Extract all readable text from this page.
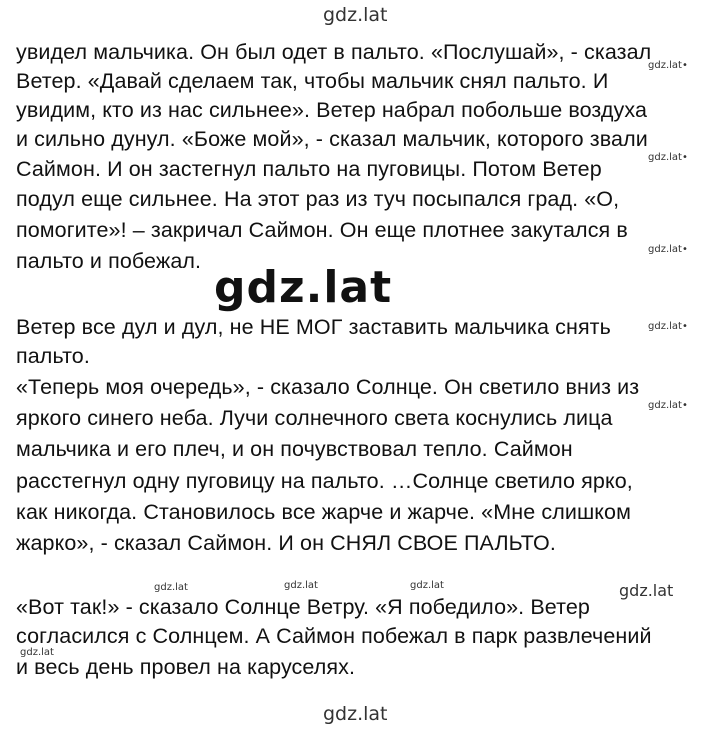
gdz.lat
gdz.lat•
gdz.lat•
gdz.lat•
gdz.lat
gdz.lat•
gdz.lat•
gdz.lat	gdz.lat	gdz.lat	gdz.lat
gdz.lat
gdz.lat
увидел мальчика. Он был одет в пальто. «Послушай», - сказал
Ветер. «Давай сделаем так, чтобы мальчик снял пальто. И
увидим, кто из нас сильнее». Ветер набрал побольше воздуха
и сильно дунул. «Боже мой», - сказал мальчик, которого звали
Саймон. И он застегнул пальто на пуговицы. Потом Ветер
подул еще сильнее. На этот раз из туч посыпался град. «О,
помогите»! – закричал Саймон. Он еще плотнее закутался в
пальто и побежал.
Ветер все дул и дул, не НЕ МОГ заставить мальчика снять
пальто.
«Теперь моя очередь», - сказало Солнце. Он светило вниз из
яркого синего неба. Лучи солнечного света коснулись лица
мальчика и его плеч, и он почувствовал тепло. Саймон
расстегнул одну пуговицу на пальто. …Солнце светило ярко,
как никогда. Становилось все жарче и жарче. «Мне слишком
жарко», - сказал Саймон. И он СНЯЛ СВОЕ ПАЛЬТО.
«Вот так!» - сказало Солнце Ветру. «Я победило». Ветер
согласился с Солнцем. А Саймон побежал в парк развлечений
и весь день провел на каруселях.
